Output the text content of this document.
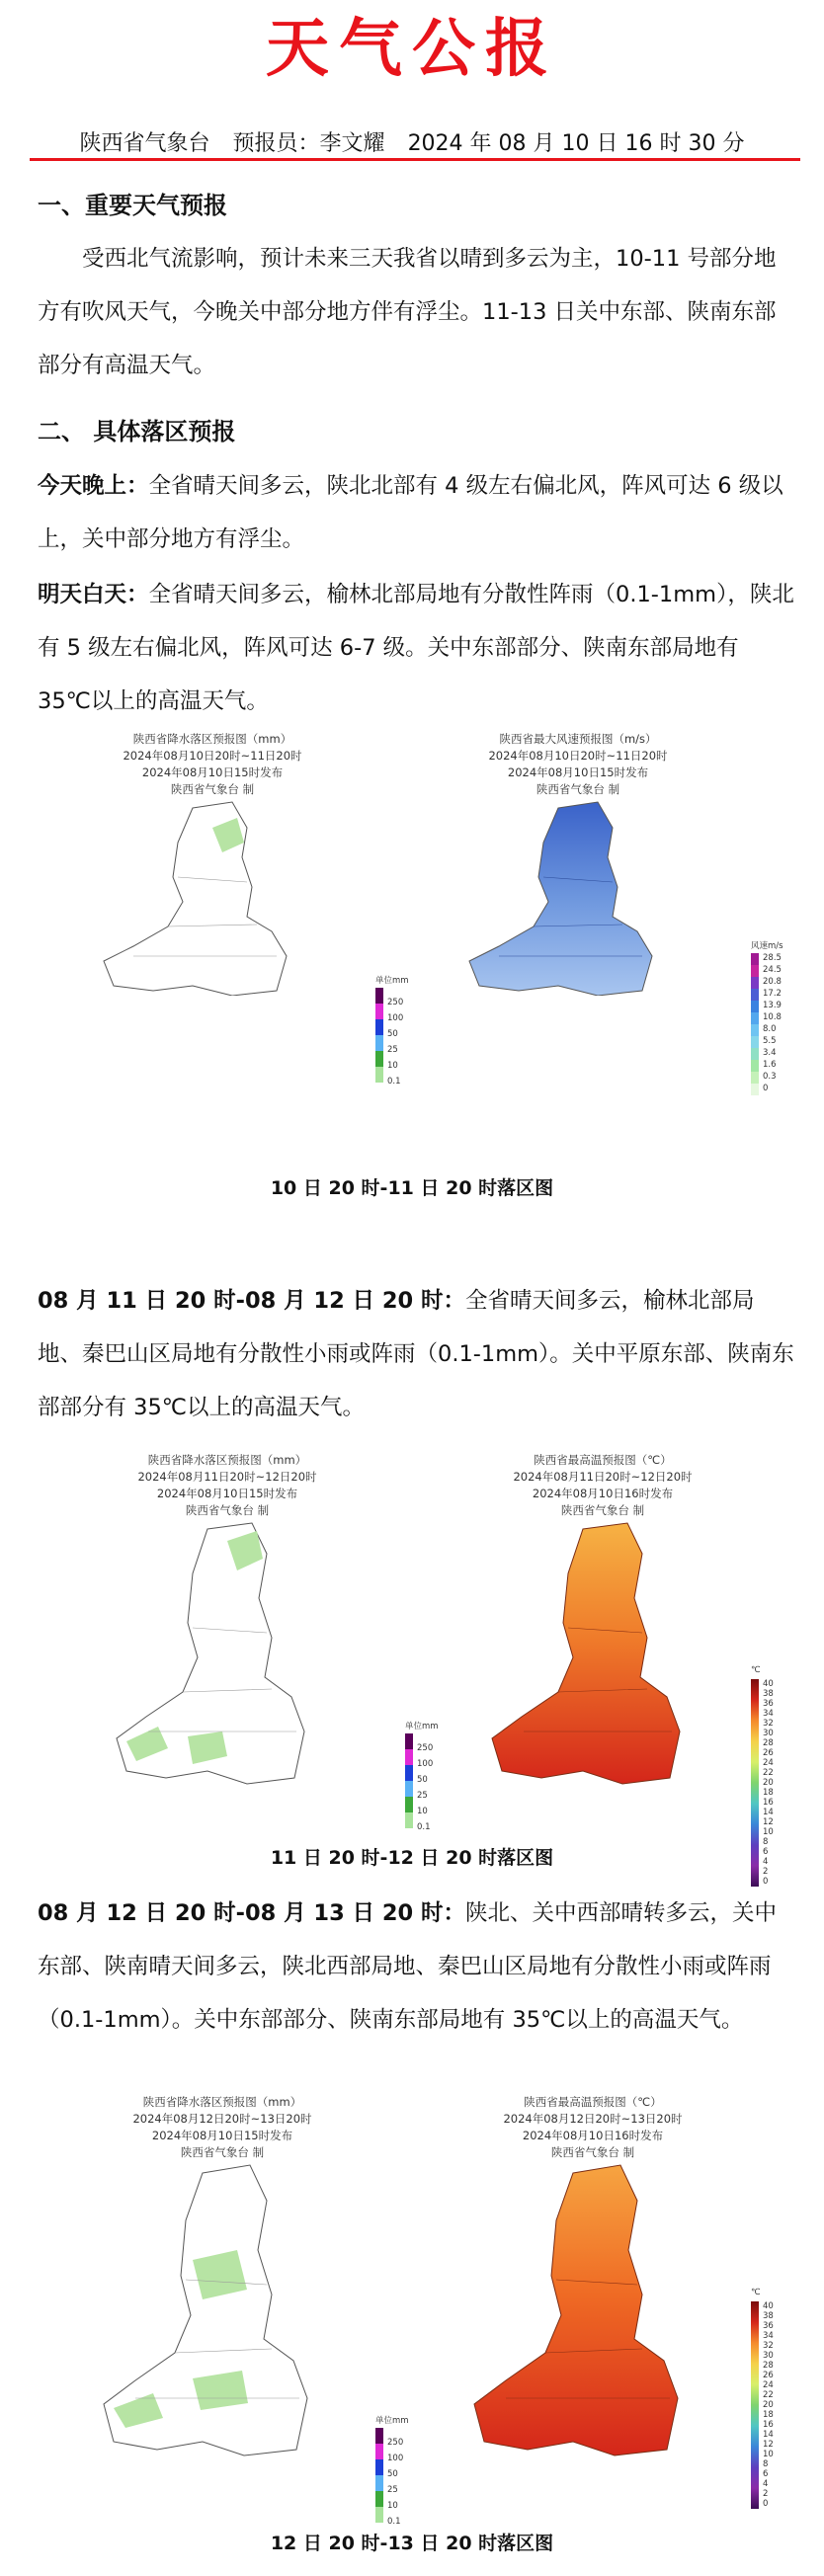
天气公报
陕西省气象台 预报员：李文耀 2024 年 08 月 10 日 16 时 30 分
一、重要天气预报
受西北气流影响，预计未来三天我省以晴到多云为主，10-11 号部分地方有吹风天气，今晚关中部分地方伴有浮尘。11-13 日关中东部、陕南东部部分有高温天气。
二、 具体落区预报
今天晚上：全省晴天间多云，陕北北部有 4 级左右偏北风，阵风可达 6 级以上，关中部分地方有浮尘。
明天白天：全省晴天间多云，榆林北部局地有分散性阵雨（0.1-1mm），陕北有 5 级左右偏北风，阵风可达 6-7 级。关中东部部分、陕南东部局地有 35℃以上的高温天气。
陕西省降水落区预报图（mm）
2024年08月10日20时~11日20时
2024年08月10日15时发布
陕西省气象台 制
单位mm
250
100
50
25
10
0.1
陕西省最大风速预报图（m/s）
2024年08月10日20时~11日20时
2024年08月10日15时发布
陕西省气象台 制
风速m/s
28.5
24.5
20.8
17.2
13.9
10.8
8.0
5.5
3.4
1.6
0.3
0
10 日 20 时-11 日 20 时落区图
08 月 11 日 20 时-08 月 12 日 20 时：全省晴天间多云，榆林北部局地、秦巴山区局地有分散性小雨或阵雨（0.1-1mm）。关中平原东部、陕南东部部分有 35℃以上的高温天气。
陕西省降水落区预报图（mm）
2024年08月11日20时~12日20时
2024年08月10日15时发布
陕西省气象台 制
单位mm
250
100
50
25
10
0.1
陕西省最高温预报图（℃）
2024年08月11日20时~12日20时
2024年08月10日16时发布
陕西省气象台 制
℃
40
38
36
34
32
30
28
26
24
22
20
18
16
14
12
10
8
6
4
2
0
11 日 20 时-12 日 20 时落区图
08 月 12 日 20 时-08 月 13 日 20 时：陕北、关中西部晴转多云，关中东部、陕南晴天间多云，陕北西部局地、秦巴山区局地有分散性小雨或阵雨（0.1-1mm）。关中东部部分、陕南东部局地有 35℃以上的高温天气。
陕西省降水落区预报图（mm）
2024年08月12日20时~13日20时
2024年08月10日15时发布
陕西省气象台 制
单位mm
250
100
50
25
10
0.1
陕西省最高温预报图（℃）
2024年08月12日20时~13日20时
2024年08月10日16时发布
陕西省气象台 制
℃
40
38
36
34
32
30
28
26
24
22
20
18
16
14
12
10
8
6
4
2
0
12 日 20 时-13 日 20 时落区图
